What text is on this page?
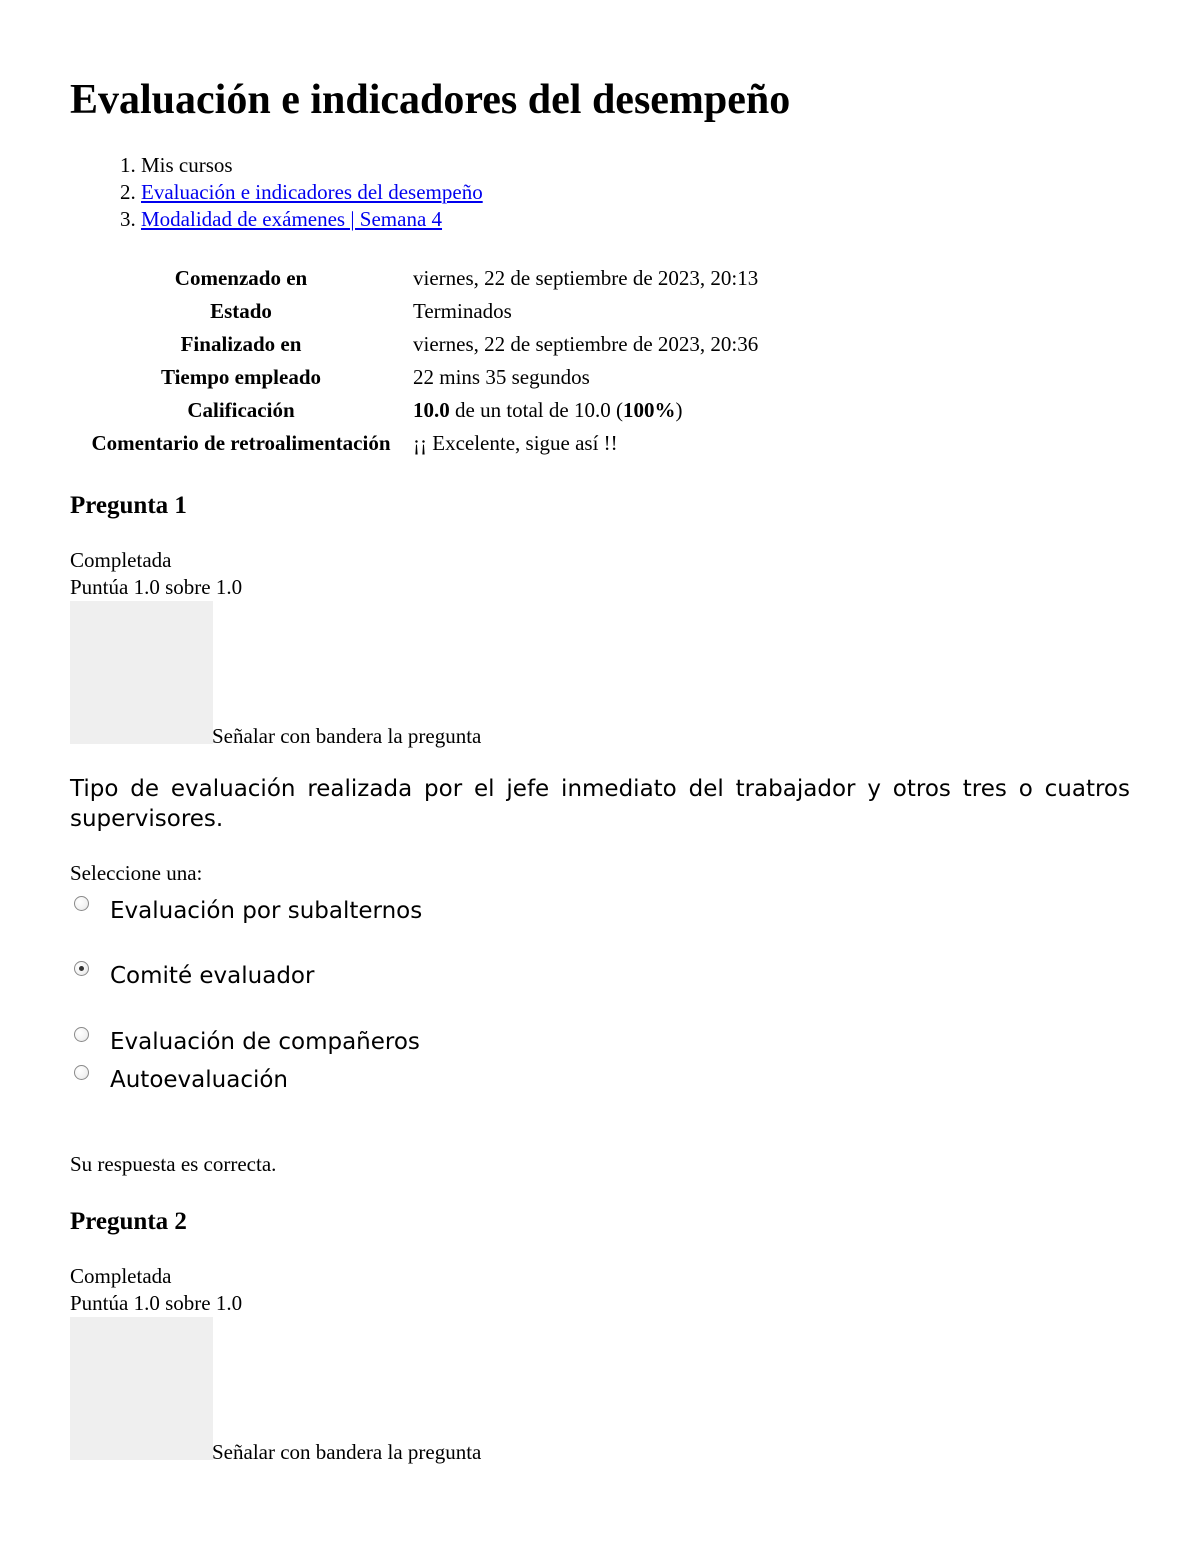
Evaluación e indicadores del desempeño
1. Mis cursos
2. Evaluación e indicadores del desempeño
3. Modalidad de exámenes | Semana 4
Comenzado en	viernes, 22 de septiembre de 2023, 20:13
Estado	Terminados
Finalizado en	viernes, 22 de septiembre de 2023, 20:36
Tiempo empleado	22 mins 35 segundos
Calificación	10.0 de un total de 10.0 (100%)
Comentario de retroalimentación	¡¡ Excelente, sigue así !!
Pregunta 1
Completada
Puntúa 1.0 sobre 1.0
Señalar con bandera la pregunta

Tipo de evaluación realizada por el jefe inmediato del trabajador y otros tres o cuatros supervisores.

Seleccione una:
Evaluación por subalternos
Comité evaluador
Evaluación de compañeros
Autoevaluación
Su respuesta es correcta.
Pregunta 2
Completada
Puntúa 1.0 sobre 1.0
Señalar con bandera la pregunta
